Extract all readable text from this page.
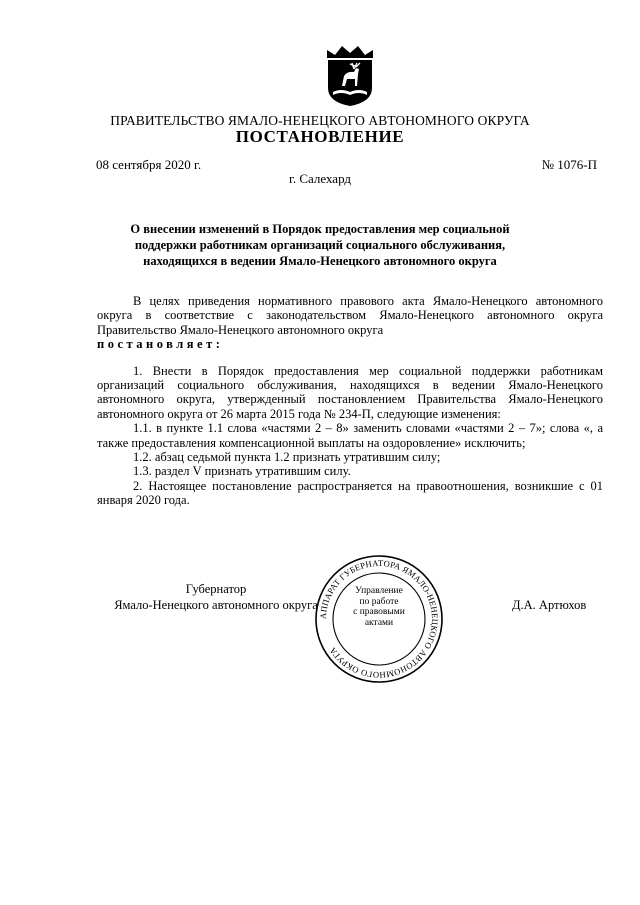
ПРАВИТЕЛЬСТВО ЯМАЛО-НЕНЕЦКОГО АВТОНОМНОГО ОКРУГА
ПОСТАНОВЛЕНИЕ
08 сентября 2020 г.	№ 1076-П
г. Салехард
О внесении изменений в Порядок предоставления мер социальной
поддержки работникам организаций социального обслуживания,
находящихся в ведении Ямало-Ненецкого автономного округа

В целях приведения нормативного правового акта Ямало-Ненецкого автономного округа в соответствие с законодательством Ямало-Ненецкого автономного округа Правительство Ямало-Ненецкого автономного округа
постановляет:

1. Внести в Порядок предоставления мер социальной поддержки работникам организаций социального обслуживания, находящихся в ведении Ямало-Ненецкого автономного округа, утвержденный постановлением Правительства Ямало-Ненецкого автономного округа от 26 марта 2015 года № 234-П, следующие изменения:

1.1. в пункте 1.1 слова «частями 2 – 8» заменить словами «частями 2 – 7»; слова «, а также предоставления компенсационной выплаты на оздоровление» исключить;

1.2. абзац седьмой пункта 1.2 признать утратившим силу;

1.3. раздел V признать утратившим силу.

2. Настоящее постановление распространяется на правоотношения, возникшие с 01 января 2020 года.

Губернатор
Ямало-Ненецкого автономного округа
АППАРАТ ГУБЕРНАТОРА ЯМАЛО-НЕНЕЦКОГО АВТОНОМНОГО ОКРУГА
Управление
по работе
с правовыми
актами
Д.А. Артюхов
